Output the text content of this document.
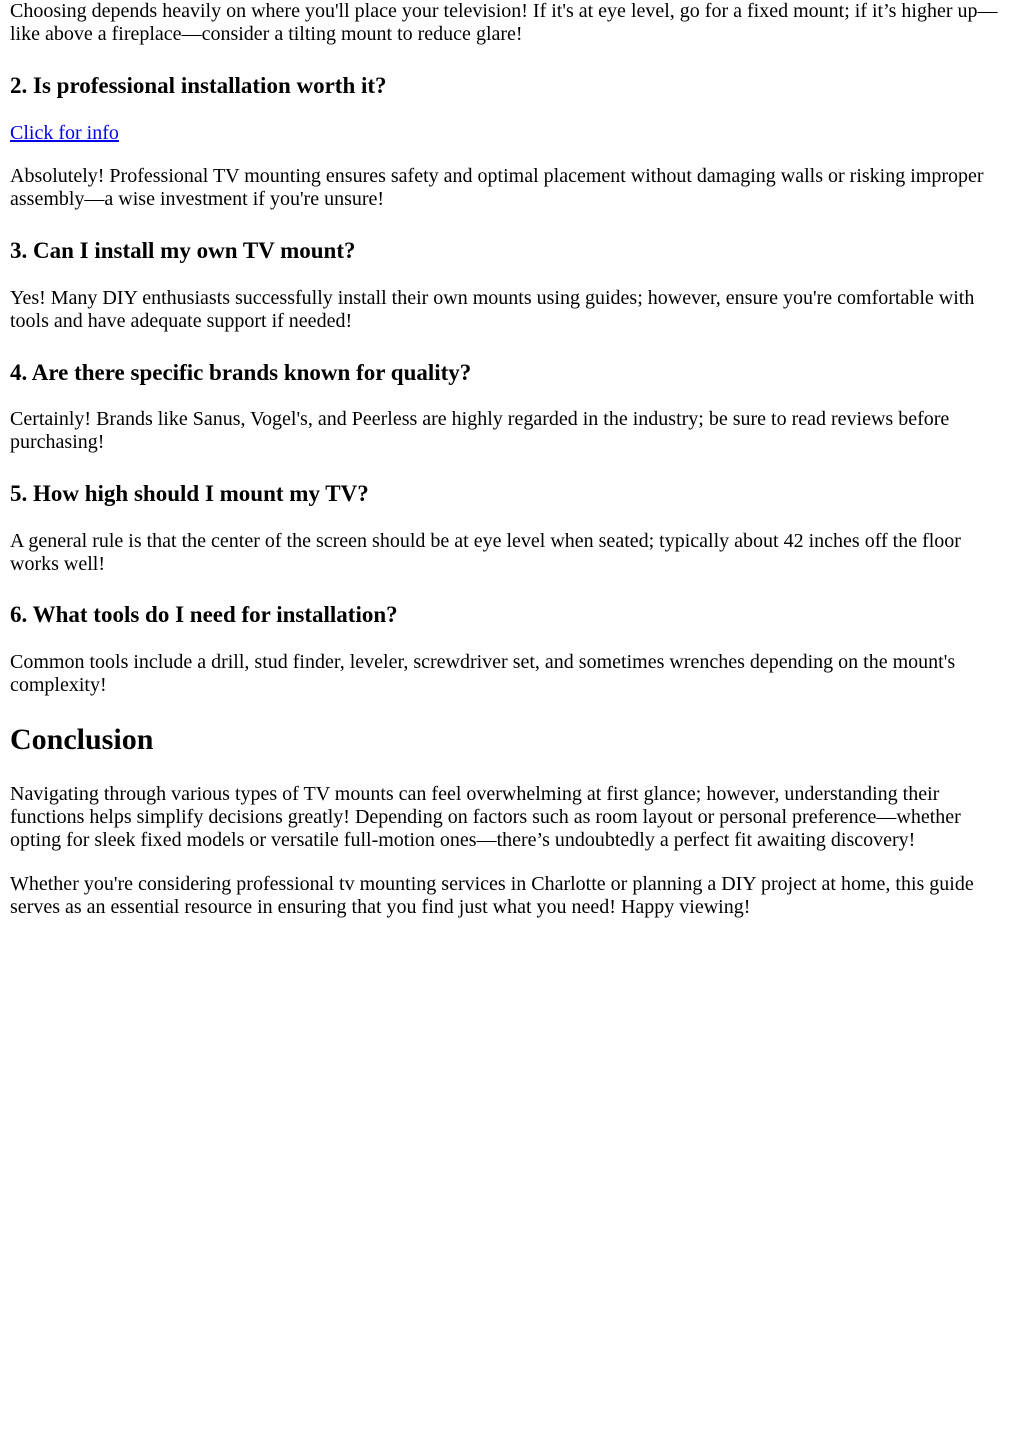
Choosing depends heavily on where you'll place your television! If it's at eye level, go for a fixed mount; if it’s higher up—like above a fireplace—consider a tilting mount to reduce glare!

2. Is professional installation worth it?

Click for info

Absolutely! Professional TV mounting ensures safety and optimal placement without damaging walls or risking improper assembly—a wise investment if you're unsure!

3. Can I install my own TV mount?

Yes! Many DIY enthusiasts successfully install their own mounts using guides; however, ensure you're comfortable with tools and have adequate support if needed!

4. Are there specific brands known for quality?

Certainly! Brands like Sanus, Vogel's, and Peerless are highly regarded in the industry; be sure to read reviews before purchasing!

5. How high should I mount my TV?

A general rule is that the center of the screen should be at eye level when seated; typically about 42 inches off the floor works well!

6. What tools do I need for installation?

Common tools include a drill, stud finder, leveler, screwdriver set, and sometimes wrenches depending on the mount's complexity!

Conclusion

Navigating through various types of TV mounts can feel overwhelming at first glance; however, understanding their functions helps simplify decisions greatly! Depending on factors such as room layout or personal preference—whether opting for sleek fixed models or versatile full-motion ones—there’s undoubtedly a perfect fit awaiting discovery!

Whether you're considering professional tv mounting services in Charlotte or planning a DIY project at home, this guide serves as an essential resource in ensuring that you find just what you need! Happy viewing!
